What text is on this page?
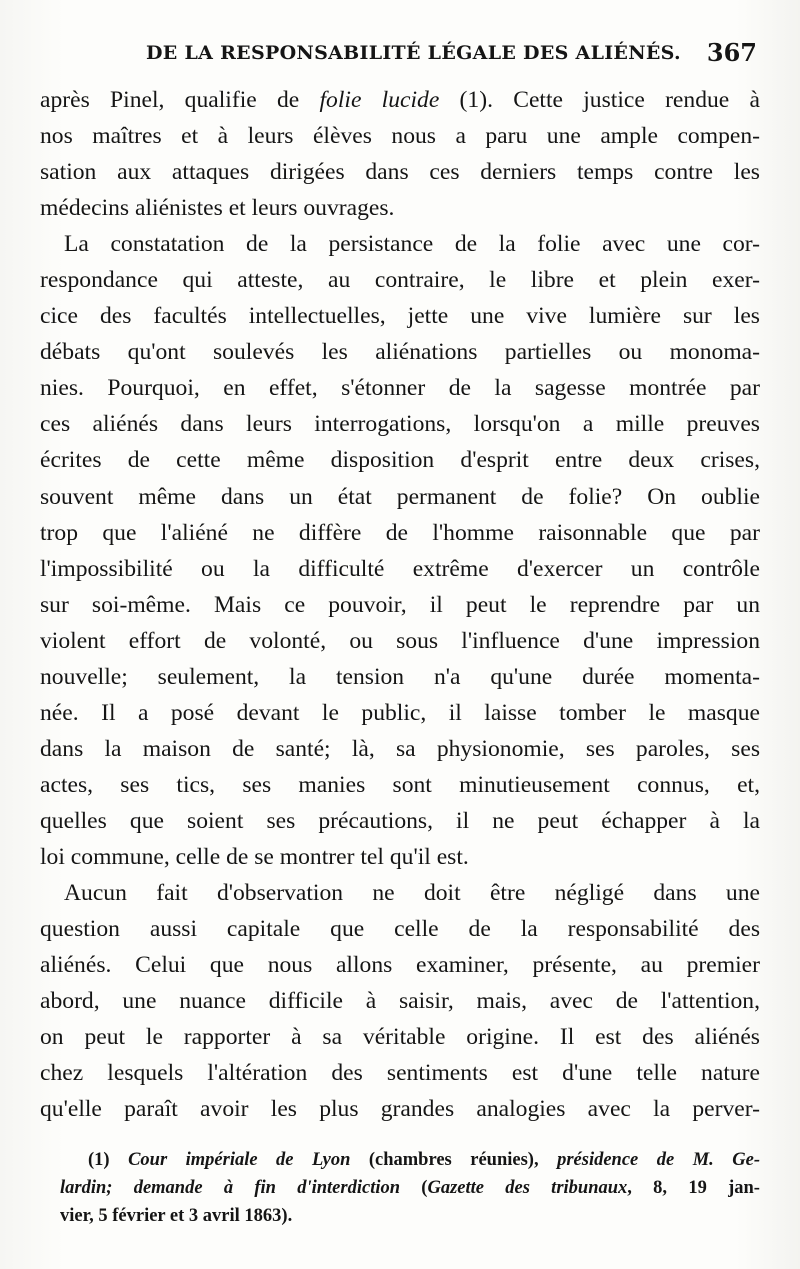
DE LA RESPONSABILITÉ LÉGALE DES ALIÉNÉS. 367
après Pinel, qualifie de folie lucide (1). Cette justice rendue à
nos maîtres et à leurs élèves nous a paru une ample compen-
sation aux attaques dirigées dans ces derniers temps contre les
médecins aliénistes et leurs ouvrages.
La constatation de la persistance de la folie avec une cor-
respondance qui atteste, au contraire, le libre et plein exer-
cice des facultés intellectuelles, jette une vive lumière sur les
débats qu'ont soulevés les aliénations partielles ou monoma-
nies. Pourquoi, en effet, s'étonner de la sagesse montrée par
ces aliénés dans leurs interrogations, lorsqu'on a mille preuves
écrites de cette même disposition d'esprit entre deux crises,
souvent même dans un état permanent de folie? On oublie
trop que l'aliéné ne diffère de l'homme raisonnable que par
l'impossibilité ou la difficulté extrême d'exercer un contrôle
sur soi-même. Mais ce pouvoir, il peut le reprendre par un
violent effort de volonté, ou sous l'influence d'une impression
nouvelle; seulement, la tension n'a qu'une durée momenta-
née. Il a posé devant le public, il laisse tomber le masque
dans la maison de santé; là, sa physionomie, ses paroles, ses
actes, ses tics, ses manies sont minutieusement connus, et,
quelles que soient ses précautions, il ne peut échapper à la
loi commune, celle de se montrer tel qu'il est.
Aucun fait d'observation ne doit être négligé dans une
question aussi capitale que celle de la responsabilité des
aliénés. Celui que nous allons examiner, présente, au premier
abord, une nuance difficile à saisir, mais, avec de l'attention,
on peut le rapporter à sa véritable origine. Il est des aliénés
chez lesquels l'altération des sentiments est d'une telle nature
qu'elle paraît avoir les plus grandes analogies avec la perver-
(1) Cour impériale de Lyon (chambres réunies), présidence de M. Ge-
lardin; demande à fin d'interdiction (Gazette des tribunaux, 8, 19 jan-
vier, 5 février et 3 avril 1863).
